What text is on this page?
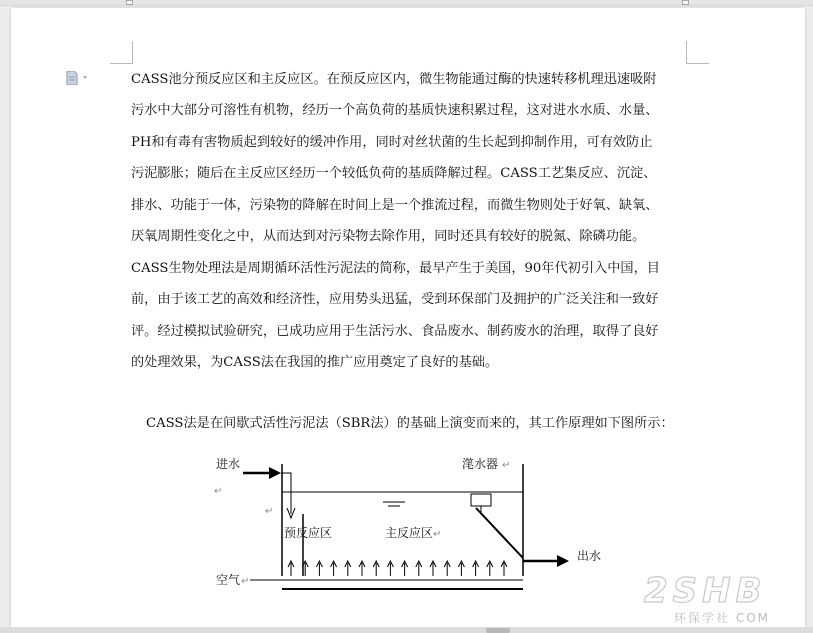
CASS池分预反应区和主反应区。在预反应区内，微生物能通过酶的快速转移机理迅速吸附

污水中大部分可溶性有机物，经历一个高负荷的基质快速积累过程，这对进水水质、水量、

PH和有毒有害物质起到较好的缓冲作用，同时对丝状菌的生长起到抑制作用，可有效防止

污泥膨胀；随后在主反应区经历一个较低负荷的基质降解过程。CASS工艺集反应、沉淀、

排水、功能于一体，污染物的降解在时间上是一个推流过程，而微生物则处于好氧、缺氧、

厌氧周期性变化之中，从而达到对污染物去除作用，同时还具有较好的脱氮、除磷功能。

CASS生物处理法是周期循环活性污泥法的简称，最早产生于美国，90年代初引入中国，目

前，由于该工艺的高效和经济性，应用势头迅猛，受到环保部门及拥护的广泛关注和一致好

评。经过模拟试验研究，已成功应用于生活污水、食品废水、制药废水的治理，取得了良好

的处理效果，为CASS法在我国的推广应用奠定了良好的基础。

CASS法是在间歇式活性污泥法（SBR法）的基础上演变而来的，其工作原理如下图所示：

进水
↵
↵
滗水器 ↵
预反应区	主反应区 ↵
出水
空气 ↵	2SHB
环保学社 COM
